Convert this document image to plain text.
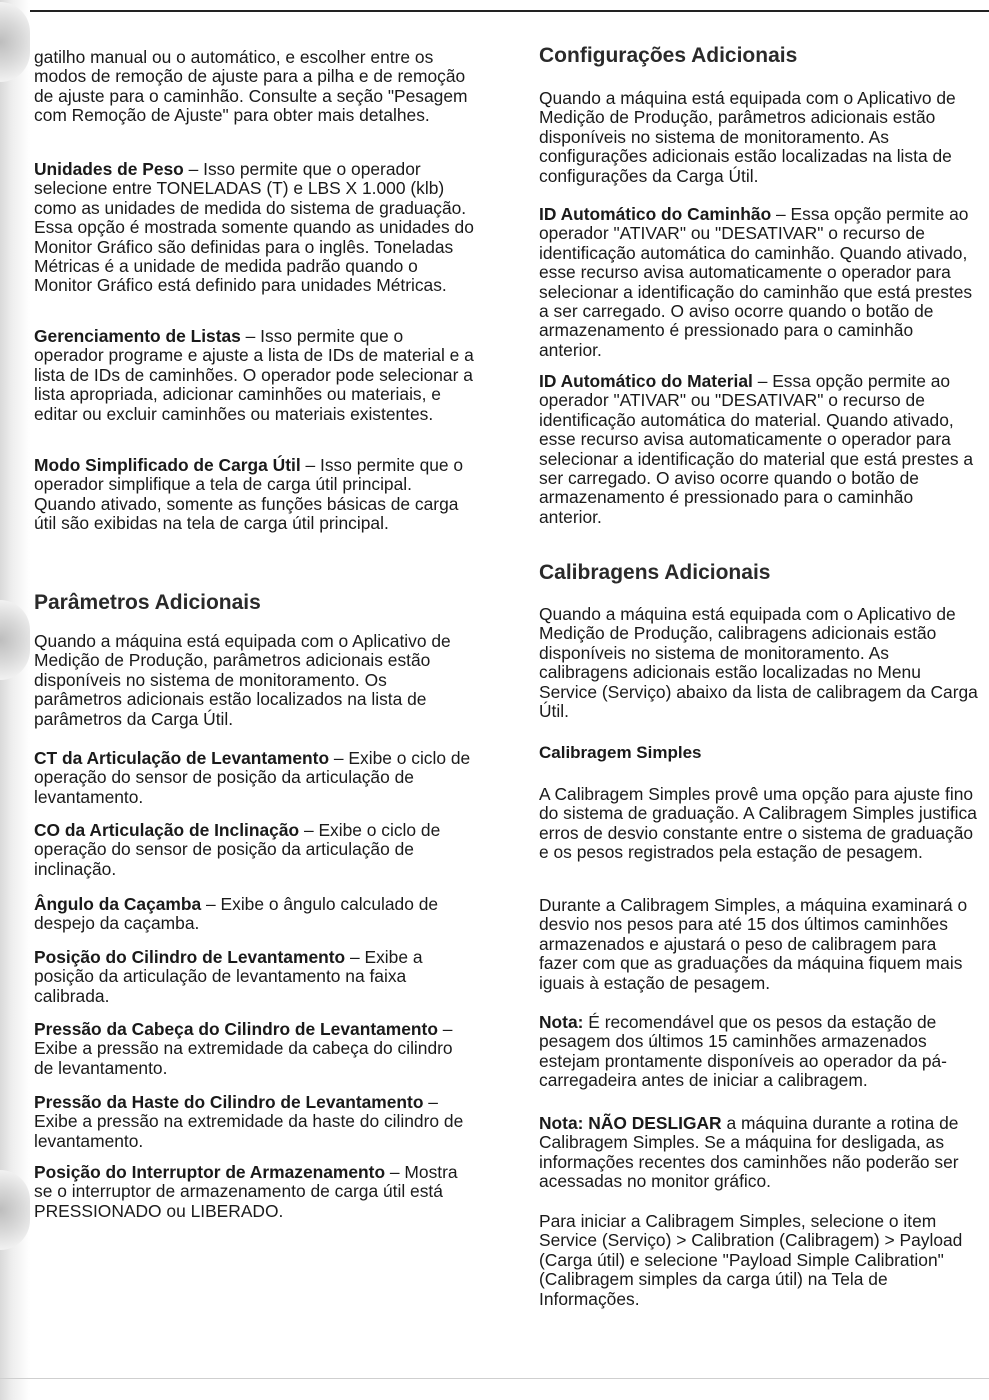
gatilho manual ou o automático, e escolher entre os modos de remoção de ajuste para a pilha e de remoção de ajuste para o caminhão. Consulte a seção "Pesagem com Remoção de Ajuste" para obter mais detalhes.

Unidades de Peso – Isso permite que o operador selecione entre TONELADAS (T) e LBS X 1.000 (klb) como as unidades de medida do sistema de graduação. Essa opção é mostrada somente quando as unidades do Monitor Gráfico são definidas para o inglês. Toneladas Métricas é a unidade de medida padrão quando o Monitor Gráfico está definido para unidades Métricas.

Gerenciamento de Listas – Isso permite que o operador programe e ajuste a lista de IDs de material e a lista de IDs de caminhões. O operador pode selecionar a lista apropriada, adicionar caminhões ou materiais, e editar ou excluir caminhões ou materiais existentes.

Modo Simplificado de Carga Útil – Isso permite que o operador simplifique a tela de carga útil principal. Quando ativado, somente as funções básicas de carga útil são exibidas na tela de carga útil principal.

Parâmetros Adicionais

Quando a máquina está equipada com o Aplicativo de Medição de Produção, parâmetros adicionais estão disponíveis no sistema de monitoramento. Os parâmetros adicionais estão localizados na lista de parâmetros da Carga Útil.

CT da Articulação de Levantamento – Exibe o ciclo de operação do sensor de posição da articulação de levantamento.

CO da Articulação de Inclinação – Exibe o ciclo de operação do sensor de posição da articulação de inclinação.

Ângulo da Caçamba – Exibe o ângulo calculado de despejo da caçamba.

Posição do Cilindro de Levantamento – Exibe a posição da articulação de levantamento na faixa calibrada.

Pressão da Cabeça do Cilindro de Levantamento – Exibe a pressão na extremidade da cabeça do cilindro de levantamento.

Pressão da Haste do Cilindro de Levantamento – Exibe a pressão na extremidade da haste do cilindro de levantamento.

Posição do Interruptor de Armazenamento – Mostra se o interruptor de armazenamento de carga útil está PRESSIONADO ou LIBERADO.

Configurações Adicionais

Quando a máquina está equipada com o Aplicativo de Medição de Produção, parâmetros adicionais estão disponíveis no sistema de monitoramento. As configurações adicionais estão localizadas na lista de configurações da Carga Útil.

ID Automático do Caminhão – Essa opção permite ao operador "ATIVAR" ou "DESATIVAR" o recurso de identificação automática do caminhão. Quando ativado, esse recurso avisa automaticamente o operador para selecionar a identificação do caminhão que está prestes a ser carregado. O aviso ocorre quando o botão de armazenamento é pressionado para o caminhão anterior.

ID Automático do Material – Essa opção permite ao operador "ATIVAR" ou "DESATIVAR" o recurso de identificação automática do material. Quando ativado, esse recurso avisa automaticamente o operador para selecionar a identificação do material que está prestes a ser carregado. O aviso ocorre quando o botão de armazenamento é pressionado para o caminhão anterior.

Calibragens Adicionais

Quando a máquina está equipada com o Aplicativo de Medição de Produção, calibragens adicionais estão disponíveis no sistema de monitoramento. As calibragens adicionais estão localizadas no Menu Service (Serviço) abaixo da lista de calibragem da Carga Útil.

Calibragem Simples

A Calibragem Simples provê uma opção para ajuste fino do sistema de graduação. A Calibragem Simples justifica erros de desvio constante entre o sistema de graduação e os pesos registrados pela estação de pesagem.

Durante a Calibragem Simples, a máquina examinará o desvio nos pesos para até 15 dos últimos caminhões armazenados e ajustará o peso de calibragem para fazer com que as graduações da máquina fiquem mais iguais à estação de pesagem.

Nota: É recomendável que os pesos da estação de pesagem dos últimos 15 caminhões armazenados estejam prontamente disponíveis ao operador da pá-carregadeira antes de iniciar a calibragem.

Nota: NÃO DESLIGAR a máquina durante a rotina de Calibragem Simples. Se a máquina for desligada, as informações recentes dos caminhões não poderão ser acessadas no monitor gráfico.

Para iniciar a Calibragem Simples, selecione o item Service (Serviço) > Calibration (Calibragem) > Payload (Carga útil) e selecione "Payload Simple Calibration" (Calibragem simples da carga útil) na Tela de Informações.
